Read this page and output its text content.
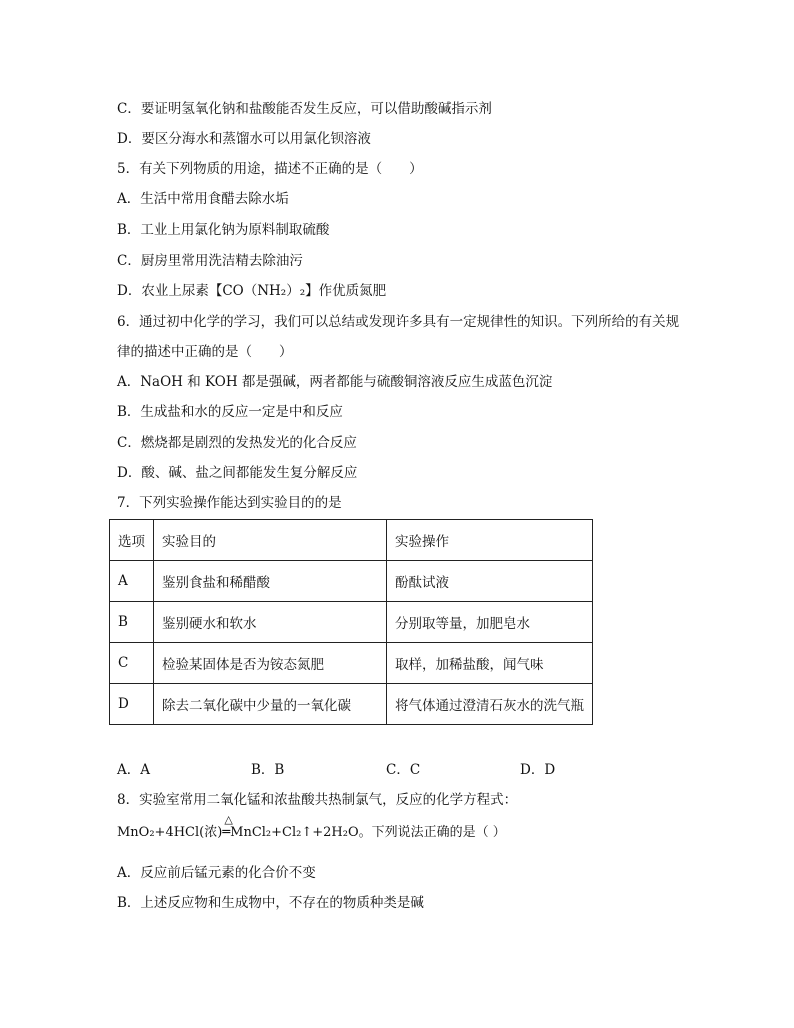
C．要证明氢氧化钠和盐酸能否发生反应，可以借助酸碱指示剂
D．要区分海水和蒸馏水可以用氯化钡溶液
5．有关下列物质的用途，描述不正确的是（　　）
A．生活中常用食醋去除水垢
B．工业上用氯化钠为原料制取硫酸
C．厨房里常用洗洁精去除油污
D．农业上尿素【CO（NH₂）₂】作优质氮肥
6．通过初中化学的学习，我们可以总结或发现许多具有一定规律性的知识。下列所给的有关规
律的描述中正确的是（　　）
A．NaOH 和 KOH 都是强碱，两者都能与硫酸铜溶液反应生成蓝色沉淀
B．生成盐和水的反应一定是中和反应
C．燃烧都是剧烈的发热发光的化合反应
D．酸、碱、盐之间都能发生复分解反应
7．下列实验操作能达到实验目的的是
选项	实验目的	实验操作
A	鉴别食盐和稀醋酸	酚酞试液
B	鉴别硬水和软水	分别取等量，加肥皂水
C	检验某固体是否为铵态氮肥	取样，加稀盐酸，闻气味
D	除去二氧化碳中少量的一氧化碳	将气体通过澄清石灰水的洗气瓶
A．A	B．B	C．C	D．D
8．实验室常用二氧化锰和浓盐酸共热制氯气，反应的化学方程式：
MnO₂+4HCl(浓)
△
═MnCl₂+Cl₂↑+2H₂O。下列说法正确的是（ ）
A．反应前后锰元素的化合价不变
B．上述反应物和生成物中，不存在的物质种类是碱
